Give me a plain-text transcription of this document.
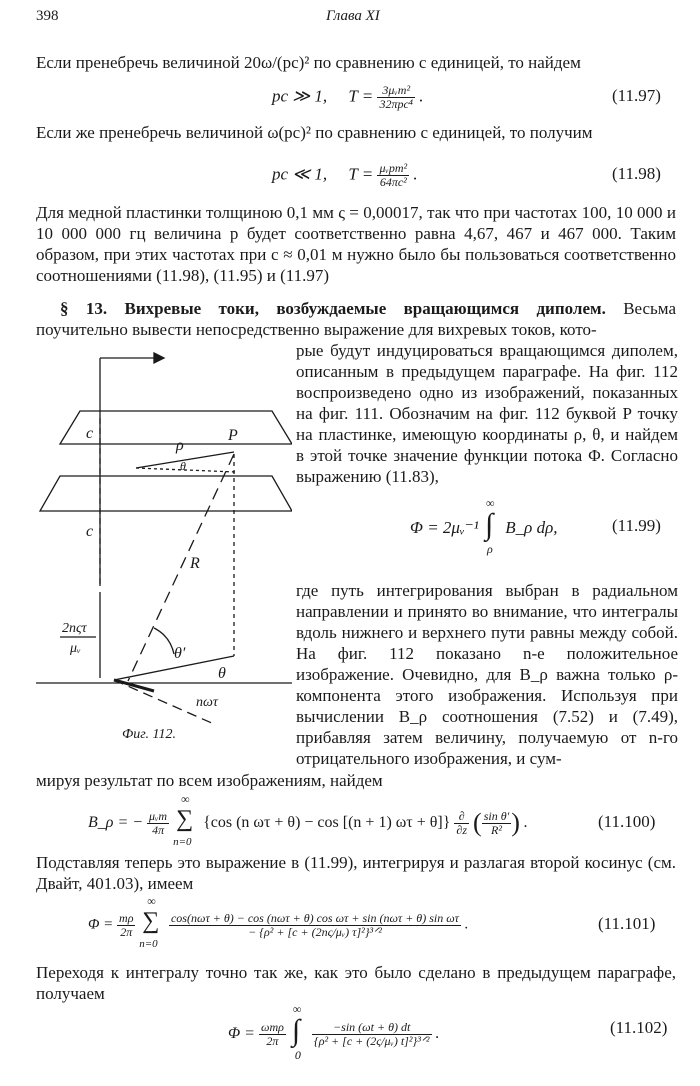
398	Глава XI
Если пренебречь величиной 20ω/(pc)² по сравнению с единицей, то найдем
pc ≫ 1, $T = \frac{\text{3μᵥm²}}{\text{32πpc⁴}}$ .	(11.97)
Если же пренебречь величиной ω(pc)² по сравнению с единицей, то получим
pc ≪ 1, $T = \frac{\text{μᵥpm²}}{\text{64πc²}}$ .	(11.98)
Для медной пластинки толщиною 0,1 мм ς = 0,00017, так что при частотах 100, 10 000 и 10 000 000 гц величина p будет соответственно равна 4,67, 467 и 467 000. Таким образом, при этих частотах при c ≈ 0,01 м нужно было бы пользоваться соответственно соотношениями (11.98), (11.95) и (11.97)
§ 13. Вихревые токи, возбуждаемые вращающимся диполем. Весьма поучительно вывести непосредственно выражение для вихревых токов, кото-
рые будут индуцироваться вращающимся диполем, описанным в предыдущем параграфе. На фиг. 112 воспроизведено одно из изображений, показанных на фиг. 111. Обозначим на фиг. 112 буквой P точку на пластинке, имеющую координаты ρ, θ, и найдем в этой точке значение функции потока Φ. Согласно выражению (11.83),
Φ = 2μᵥ⁻¹
∞
∫
ρ
B_ρ dρ,	(11.99)
где путь интегрирования выбран в радиальном направлении и принято во внимание, что интегралы вдоль нижнего и верхнего пути равны между собой. На фиг. 112 показано n-е положительное изображение. Очевидно, для B_ρ важна только ρ-компонента этого изображения. Используя при вычислении B_ρ соотношения (7.52) и (7.49), прибавляя затем величину, получаемую от n-го отрицательного изображения, и сум-
мируя результат по всем изображениям, найдем
B_ρ = − $\frac{\text{μᵥm}}{4\pi}$

∞
∑
n=0
{cos (n ωτ + θ) − cos [(n + 1) $\omega\tau + \theta]\} \frac{\partial}{\partial z}$ ( $\frac{\text{sin θ′}}{\text{R²}}$ ) .	(11.100)
Подставляя теперь это выражение в (11.99), интегрируя и разлагая второй косинус (см. Двайт, 401.03), имеем
$\Phi = \frac{m\rho}{2\pi}$

∞
∑
n=0

$\frac{\text{cos(nωτ + θ) − cos (nωτ + θ) cos ωτ + sin (nωτ + θ) sin ωτ}}{\text{− \{ρ² + [c + (2nς/μᵥ) τ]²\}³ᐟ²}}$ .	(11.101)
Переходя к интегралу точно так же, как это было сделано в предыдущем параграфе, получаем
$\Phi = \frac{\text{ωmρ}}{2\pi}$

∞
∫
0

$\frac{-\sin (\omega t + \theta) dt}{\text{\{ρ² + [c + (2ς/μᵥ) t]²\}³ᐟ²}}$ .	(11.102)
c
c
ρ
θ
P
R
θ′
θ
nωτ
2nςτ
μᵥ
Фиг. 112.
